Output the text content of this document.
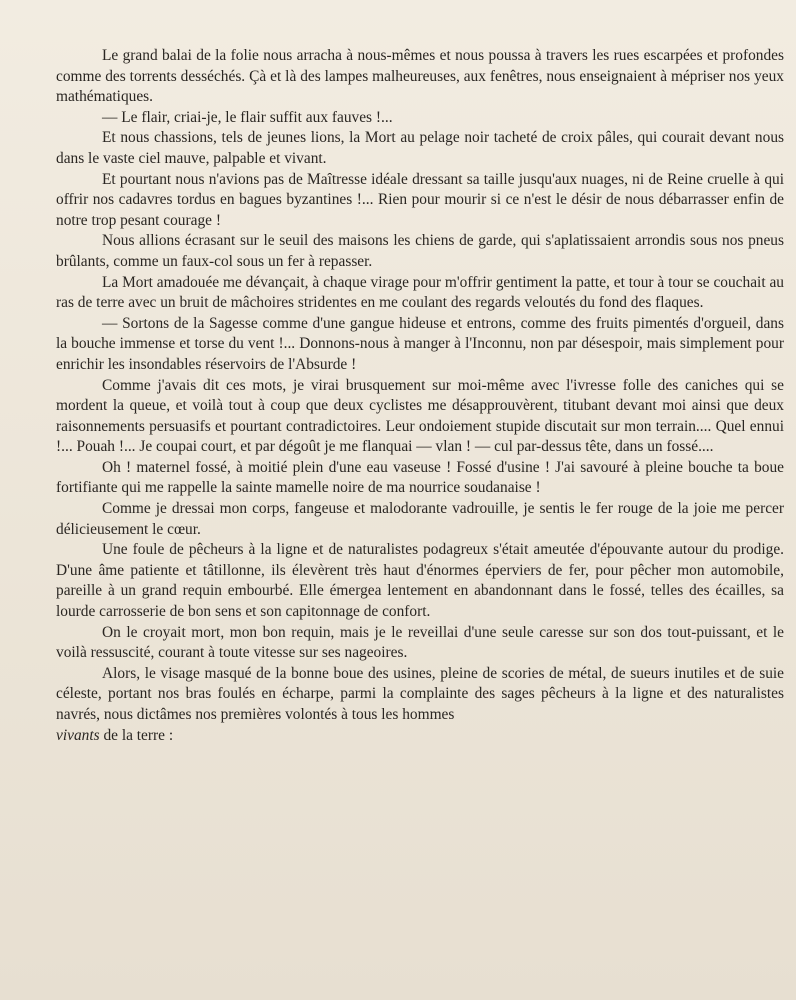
Le grand balai de la folie nous arracha à nous-mêmes et nous poussa à travers les rues escarpées et profondes comme des torrents desséchés. Çà et là des lampes malheureuses, aux fenêtres, nous enseignaient à mépriser nos yeux mathématiques.

— Le flair, criai-je, le flair suffit aux fauves !...

Et nous chassions, tels de jeunes lions, la Mort au pelage noir tacheté de croix pâles, qui courait devant nous dans le vaste ciel mauve, palpable et vivant.

Et pourtant nous n'avions pas de Maîtresse idéale dressant sa taille jusqu'aux nuages, ni de Reine cruelle à qui offrir nos cadavres tordus en bagues byzantines !... Rien pour mourir si ce n'est le désir de nous débarrasser enfin de notre trop pesant courage !

Nous allions écrasant sur le seuil des maisons les chiens de garde, qui s'aplatissaient arrondis sous nos pneus brûlants, comme un faux-col sous un fer à repasser.

La Mort amadouée me dévançait, à chaque virage pour m'offrir gentiment la patte, et tour à tour se couchait au ras de terre avec un bruit de mâchoires stridentes en me coulant des regards veloutés du fond des flaques.

— Sortons de la Sagesse comme d'une gangue hideuse et entrons, comme des fruits pimentés d'orgueil, dans la bouche immense et torse du vent !... Donnons-nous à manger à l'Inconnu, non par désespoir, mais simplement pour enrichir les insondables réservoirs de l'Absurde !

Comme j'avais dit ces mots, je virai brusquement sur moi-même avec l'ivresse folle des caniches qui se mordent la queue, et voilà tout à coup que deux cyclistes me désapprouvèrent, titubant devant moi ainsi que deux raisonnements persuasifs et pourtant contradictoires. Leur ondoiement stupide discutait sur mon terrain.... Quel ennui !... Pouah !... Je coupai court, et par dégoût je me flanquai — vlan ! — cul par-dessus tête, dans un fossé....

Oh ! maternel fossé, à moitié plein d'une eau vaseuse ! Fossé d'usine ! J'ai savouré à pleine bouche ta boue fortifiante qui me rappelle la sainte mamelle noire de ma nourrice soudanaise !

Comme je dressai mon corps, fangeuse et malodorante vadrouille, je sentis le fer rouge de la joie me percer délicieusement le cœur.

Une foule de pêcheurs à la ligne et de naturalistes podagreux s'était ameutée d'épouvante autour du prodige. D'une âme patiente et tâtillonne, ils élevèrent très haut d'énormes éperviers de fer, pour pêcher mon automobile, pareille à un grand requin embourbé. Elle émergea lentement en abandonnant dans le fossé, telles des écailles, sa lourde carrosserie de bon sens et son capitonnage de confort.

On le croyait mort, mon bon requin, mais je le reveillai d'une seule caresse sur son dos tout-puissant, et le voilà ressuscité, courant à toute vitesse sur ses nageoires.

Alors, le visage masqué de la bonne boue des usines, pleine de scories de métal, de sueurs inutiles et de suie céleste, portant nos bras foulés en écharpe, parmi la complainte des sages pêcheurs à la ligne et des naturalistes navrés, nous dictâmes nos premières volontés à tous les hommes

vivants de la terre :
